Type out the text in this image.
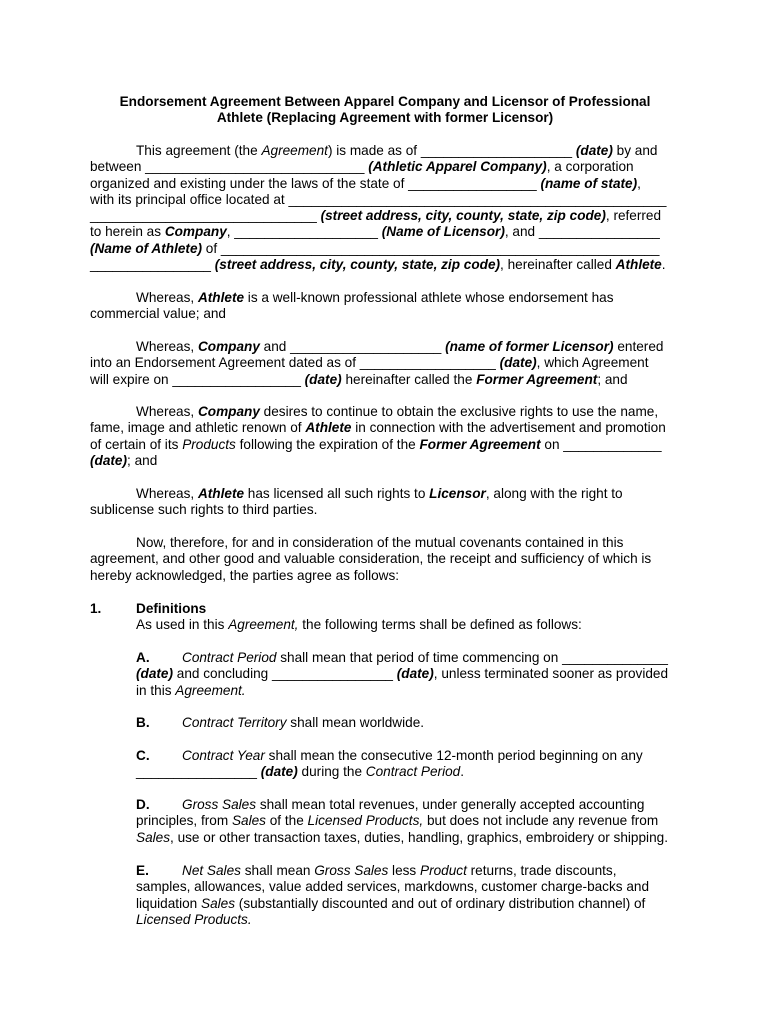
Endorsement Agreement Between Apparel Company and Licensor of Professional
Athlete (Replacing Agreement with former Licensor)
This agreement (the Agreement) is made as of ____________________ (date) by and
between _____________________________ (Athletic Apparel Company), a corporation
organized and existing under the laws of the state of _________________ (name of state),
with its principal office located at __________________________________________________
______________________________ (street address, city, county, state, zip code), referred
to herein as Company, ___________________ (Name of Licensor), and ________________
(Name of Athlete) of __________________________________________________________
________________ (street address, city, county, state, zip code), hereinafter called Athlete.
Whereas, Athlete is a well-known professional athlete whose endorsement has
commercial value; and
Whereas, Company and ____________________ (name of former Licensor) entered
into an Endorsement Agreement dated as of __________________ (date), which Agreement
will expire on _________________ (date) hereinafter called the Former Agreement; and
Whereas, Company desires to continue to obtain the exclusive rights to use the name,
fame, image and athletic renown of Athlete in connection with the advertisement and promotion
of certain of its Products following the expiration of the Former Agreement on _____________
(date); and
Whereas, Athlete has licensed all such rights to Licensor, along with the right to
sublicense such rights to third parties.
Now, therefore, for and in consideration of the mutual covenants contained in this
agreement, and other good and valuable consideration, the receipt and sufficiency of which is
hereby acknowledged, the parties agree as follows:
1.	Definitions
As used in this Agreement, the following terms shall be defined as follows:
A. Contract Period shall mean that period of time commencing on ______________
(date) and concluding ________________ (date), unless terminated sooner as provided
in this Agreement.
B. Contract Territory shall mean worldwide.
C. Contract Year shall mean the consecutive 12-month period beginning on any
________________ (date) during the Contract Period.
D. Gross Sales shall mean total revenues, under generally accepted accounting
principles, from Sales of the Licensed Products, but does not include any revenue from
Sales, use or other transaction taxes, duties, handling, graphics, embroidery or shipping.
E. Net Sales shall mean Gross Sales less Product returns, trade discounts,
samples, allowances, value added services, markdowns, customer charge-backs and
liquidation Sales (substantially discounted and out of ordinary distribution channel) of
Licensed Products.
